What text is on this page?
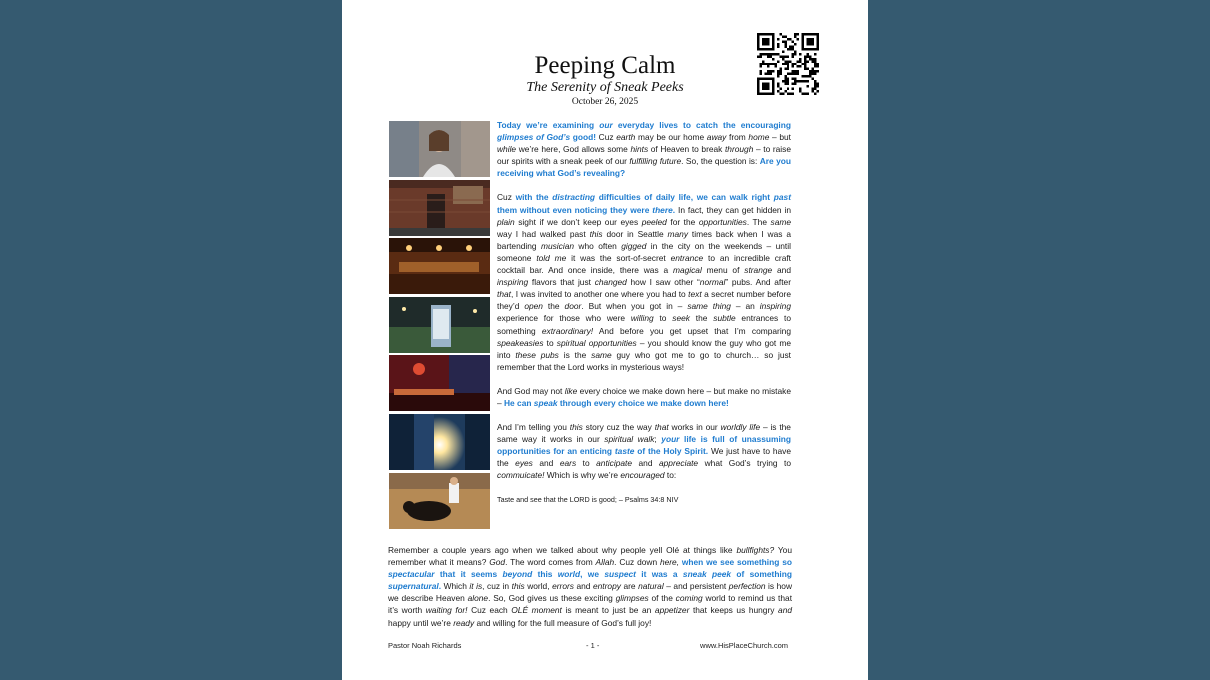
Peeping Calm
The Serenity of Sneak Peeks
October 26, 2025

Today we’re examining our everyday lives to catch the encouraging glimpses of God’s good! Cuz earth may be our home away from home – but while we’re here, God allows some hints of Heaven to break through – to raise our spirits with a sneak peek of our fulfilling future. So, the question is: Are you receiving what God’s revealing?

Cuz with the distracting difficulties of daily life, we can walk right past them without even noticing they were there. In fact, they can get hidden in plain sight if we don’t keep our eyes peeled for the opportunities. The same way I had walked past this door in Seattle many times back when I was a bartending musician who often gigged in the city on the weekends – until someone told me it was the sort-of-secret entrance to an incredible craft cocktail bar. And once inside, there was a magical menu of strange and inspiring flavors that just changed how I saw other “normal” pubs. And after that, I was invited to another one where you had to text a secret number before they’d open the door. But when you got in – same thing – an inspiring experience for those who were willing to seek the subtle entrances to something extraordinary! And before you get upset that I’m comparing speakeasies to spiritual opportunities – you should know the guy who got me into these pubs is the same guy who got me to go to church… so just remember that the Lord works in mysterious ways!

And God may not like every choice we make down here – but make no mistake – He can speak through every choice we make down here!

And I’m telling you this story cuz the way that works in our worldly life – is the same way it works in our spiritual walk; your life is full of unassuming opportunities for an enticing taste of the Holy Spirit. We just have to have the eyes and ears to anticipate and appreciate what God’s trying to commuicate! Which is why we’re encouraged to:

Taste and see that the LORD is good; – Psalms 34:8 NIV

Remember a couple years ago when we talked about why people yell Olé at things like bullfights? You remember what it means? God. The word comes from Allah. Cuz down here, when we see something so spectacular that it seems beyond this world, we suspect it was a sneak peek of something supernatural. Which it is, cuz in this world, errors and entropy are natural – and persistent perfection is how we describe Heaven alone. So, God gives us these exciting glimpses of the coming world to remind us that it’s worth waiting for! Cuz each OLÉ moment is meant to just be an appetizer that keeps us hungry and happy until we’re ready and willing for the full measure of God’s full joy!

Pastor Noah Richards	- 1 -	www.HisPlaceChurch.com
